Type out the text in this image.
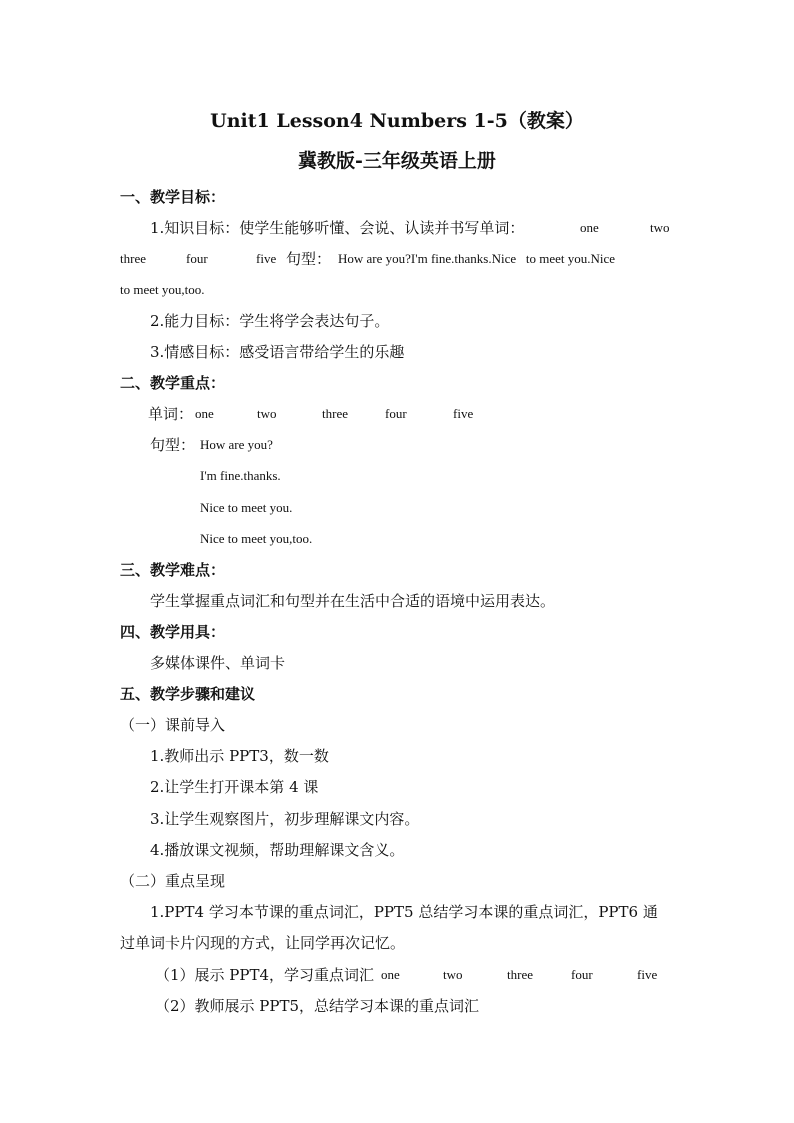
Unit1 Lesson4 Numbers 1-5（教案）
冀教版-三年级英语上册
一、教学目标：
1.知识目标：使学生能够听懂、会说、认读并书写单词：	one	two
three	four	five 句型： How are you?I'm fine.thanks.Nice   to meet you.Nice
to meet you,too.
2.能力目标：学生将学会表达句子。
3.情感目标：感受语言带给学生的乐趣
二、教学重点：
单词： one	two	three	four	five
句型： How are you?
I'm fine.thanks.
Nice to meet you.
Nice to meet you,too.
三、教学难点：
学生掌握重点词汇和句型并在生活中合适的语境中运用表达。
四、教学用具：
多媒体课件、单词卡
五、教学步骤和建议
（一）课前导入
1.教师出示 PPT3，数一数
2.让学生打开课本第 4 课
3.让学生观察图片，初步理解课文内容。
4.播放课文视频，帮助理解课文含义。
（二）重点呈现
1.PPT4 学习本节课的重点词汇，PPT5 总结学习本课的重点词汇，PPT6 通
过单词卡片闪现的方式，让同学再次记忆。
（1）展示 PPT4，学习重点词汇 one	two	three	four	five
（2）教师展示 PPT5，总结学习本课的重点词汇
